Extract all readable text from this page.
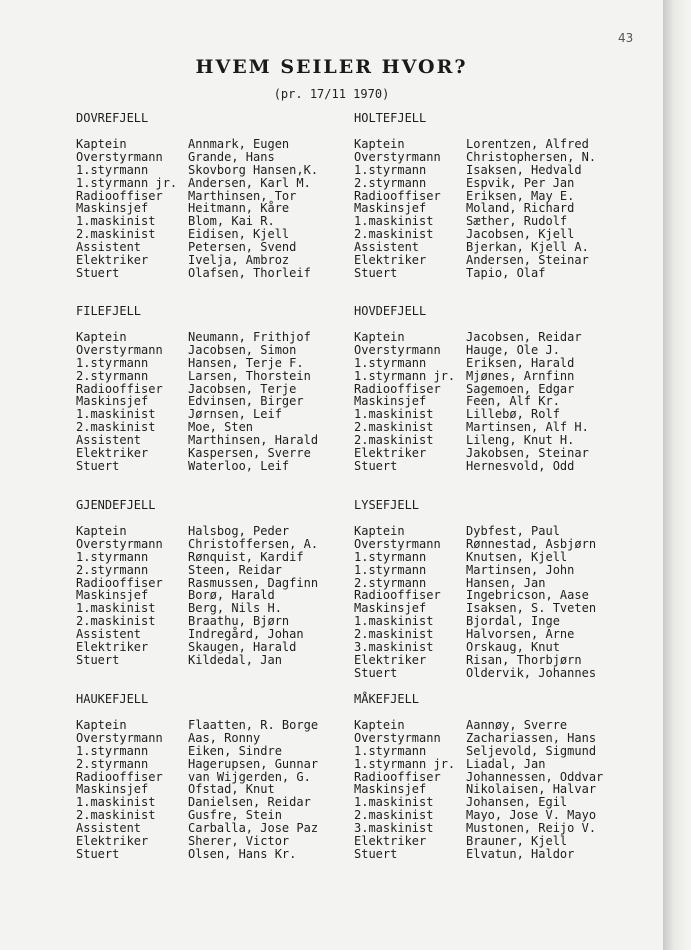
43
HVEM SEILER HVOR?
(pr. 17/11 1970)
DOVREFJELL
Kaptein	Annmark, Eugen
Overstyrmann	Grande, Hans
1.styrmann	Skovborg Hansen,K.
1.styrmann jr. Andersen, Karl M.
Radiooffiser	Marthinsen, Tor
Maskinsjef	Heitmann, Kåre
1.maskinist	Blom, Kai R.
2.maskinist	Eidisen, Kjell
Assistent	Petersen, Svend
Elektriker	Ivelja, Ambroz
Stuert	Olafsen, Thorleif
HOLTEFJELL
Kaptein	Lorentzen, Alfred
Overstyrmann	Christophersen, N.
1.styrmann	Isaksen, Hedvald
2.styrmann	Espvik, Per Jan
Radiooffiser	Eriksen, May E.
Maskinsjef	Moland, Richard
1.maskinist	Sæther, Rudolf
2.maskinist	Jacobsen, Kjell
Assistent	Bjerkan, Kjell A.
Elektriker	Andersen, Steinar
Stuert	Tapio, Olaf
FILEFJELL
Kaptein	Neumann, Frithjof
Overstyrmann	Jacobsen, Simon
1.styrmann	Hansen, Terje F.
2.styrmann	Larsen, Thorstein
Radiooffiser	Jacobsen, Terje
Maskinsjef	Edvinsen, Birger
1.maskinist	Jørnsen, Leif
2.maskinist	Moe, Sten
Assistent	Marthinsen, Harald
Elektriker	Kaspersen, Sverre
Stuert	Waterloo, Leif
HOVDEFJELL
Kaptein	Jacobsen, Reidar
Overstyrmann	Hauge, Ole J.
1.styrmann	Eriksen, Harald
1.styrmann jr. Mjønes, Arnfinn
Radiooffiser	Sagemoen, Edgar
Maskinsjef	Feen, Alf Kr.
1.maskinist	Lillebø, Rolf
2.maskinist	Martinsen, Alf H.
2.maskinist	Lileng, Knut H.
Elektriker	Jakobsen, Steinar
Stuert	Hernesvold, Odd
GJENDEFJELL
Kaptein	Halsbog, Peder
Overstyrmann	Christoffersen, A.
1.styrmann	Rønquist, Kardif
2.styrmann	Steen, Reidar
Radiooffiser	Rasmussen, Dagfinn
Maskinsjef	Borø, Harald
1.maskinist	Berg, Nils H.
2.maskinist	Braathu, Bjørn
Assistent	Indregård, Johan
Elektriker	Skaugen, Harald
Stuert	Kildedal, Jan
LYSEFJELL
Kaptein	Dybfest, Paul
Overstyrmann	Rønnestad, Asbjørn
1.styrmann	Knutsen, Kjell
1.styrmann	Martinsen, John
2.styrmann	Hansen, Jan
Radiooffiser	Ingebricson, Aase
Maskinsjef	Isaksen, S. Tveten
1.maskinist	Bjordal, Inge
2.maskinist	Halvorsen, Arne
3.maskinist	Orskaug, Knut
Elektriker	Risan, Thorbjørn
Stuert	Oldervik, Johannes
HAUKEFJELL
Kaptein	Flaatten, R. Borge
Overstyrmann	Aas, Ronny
1.styrmann	Eiken, Sindre
2.styrmann	Hagerupsen, Gunnar
Radiooffiser	van Wijgerden, G.
Maskinsjef	Ofstad, Knut
1.maskinist	Danielsen, Reidar
2.maskinist	Gusfre, Stein
Assistent	Carballa, Jose Paz
Elektriker	Sherer, Victor
Stuert	Olsen, Hans Kr.
MÅKEFJELL
Kaptein	Aannøy, Sverre
Overstyrmann	Zachariassen, Hans
1.styrmann	Seljevold, Sigmund
1.styrmann jr. Liadal, Jan
Radiooffiser	Johannessen, Oddvar
Maskinsjef	Nikolaisen, Halvar
1.maskinist	Johansen, Egil
2.maskinist	Mayo, Jose V. Mayo
3.maskinist	Mustonen, Reijo V.
Elektriker	Brauner, Kjell
Stuert	Elvatun, Haldor
